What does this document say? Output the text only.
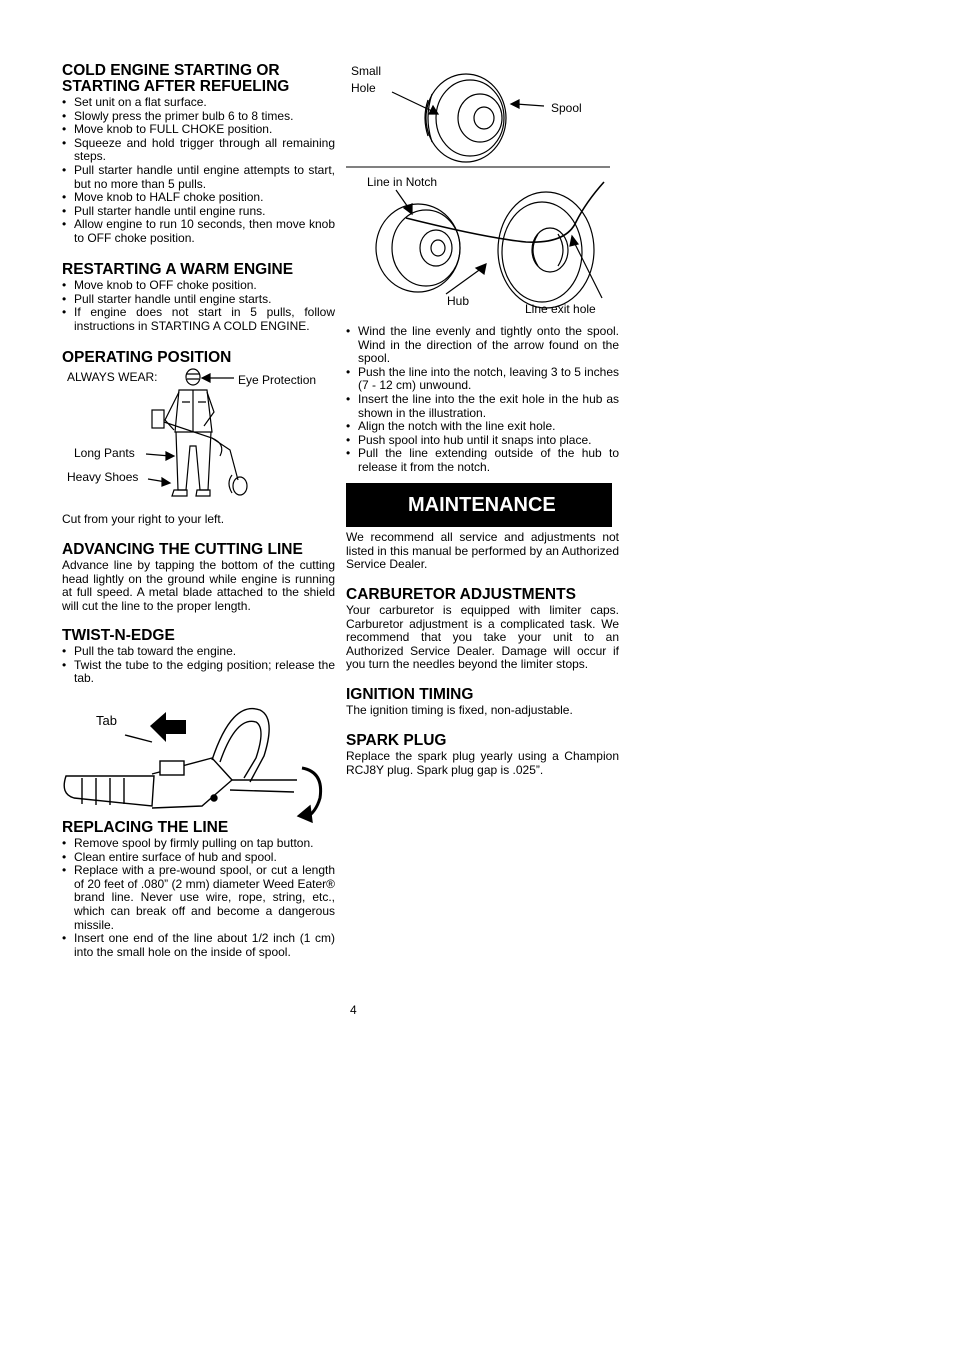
COLD ENGINE STARTING OR
STARTING AFTER REFUELING
• Set unit on a flat surface.
• Slowly press the primer bulb 6 to 8 times.
• Move knob to FULL CHOKE position.
• Squeeze and hold trigger through all remaining steps.
• Pull starter handle until engine attempts to start, but no more than 5 pulls.
• Move knob to HALF choke position.
• Pull starter handle until engine runs.
• Allow engine to run 10 seconds, then move knob to OFF choke position.
RESTARTING A WARM ENGINE
• Move knob to OFF choke position.
• Pull starter handle until engine starts.
• If engine does not start in 5 pulls, follow instructions in STARTING A COLD ENGINE.
OPERATING POSITION
ALWAYS WEAR:	Eye Protection
Long Pants
Heavy Shoes
Cut from your right to your left.
ADVANCING THE CUTTING LINE

Advance line by tapping the bottom of the cutting head lightly on the ground while engine is running at full speed. A metal blade attached to the shield will cut the line to the proper length.

TWIST-N-EDGE
• Pull the tab toward the engine.
• Twist the tube to the edging position; release the tab.
Tab
REPLACING THE LINE
• Remove spool by firmly pulling on tap button.
• Clean entire surface of hub and spool.
• Replace with a pre-wound spool, or cut a length of 20 feet of .080” (2 mm) diameter Weed Eater® brand line. Never use wire, rope, string, etc., which can break off and become a dangerous missile.
• Insert one end of the line about 1/2 inch (1 cm) into the small hole on the inside of spool.
Small
Hole
Spool
Line in Notch
Hub
Line exit hole
• Wind the line evenly and tightly onto the spool. Wind in the direction of the arrow found on the spool.
• Push the line into the notch, leaving 3 to 5 inches (7 - 12 cm) unwound.
• Insert the line into the the exit hole in the hub as shown in the illustration.
• Align the notch with the line exit hole.
• Push spool into hub until it snaps into place.
• Pull the line extending outside of the hub to release it from the notch.
MAINTENANCE

We recommend all service and adjustments not listed in this manual be performed by an Authorized Service Dealer.

CARBURETOR ADJUSTMENTS

Your carburetor is equipped with limiter caps. Carburetor adjustment is a complicated task. We recommend that you take your unit to an Authorized Service Dealer. Damage will occur if you turn the needles beyond the limiter stops.

IGNITION TIMING

The ignition timing is fixed, non-adjustable.

SPARK PLUG

Replace the spark plug yearly using a Champion RCJ8Y plug. Spark plug gap is .025”.

4
